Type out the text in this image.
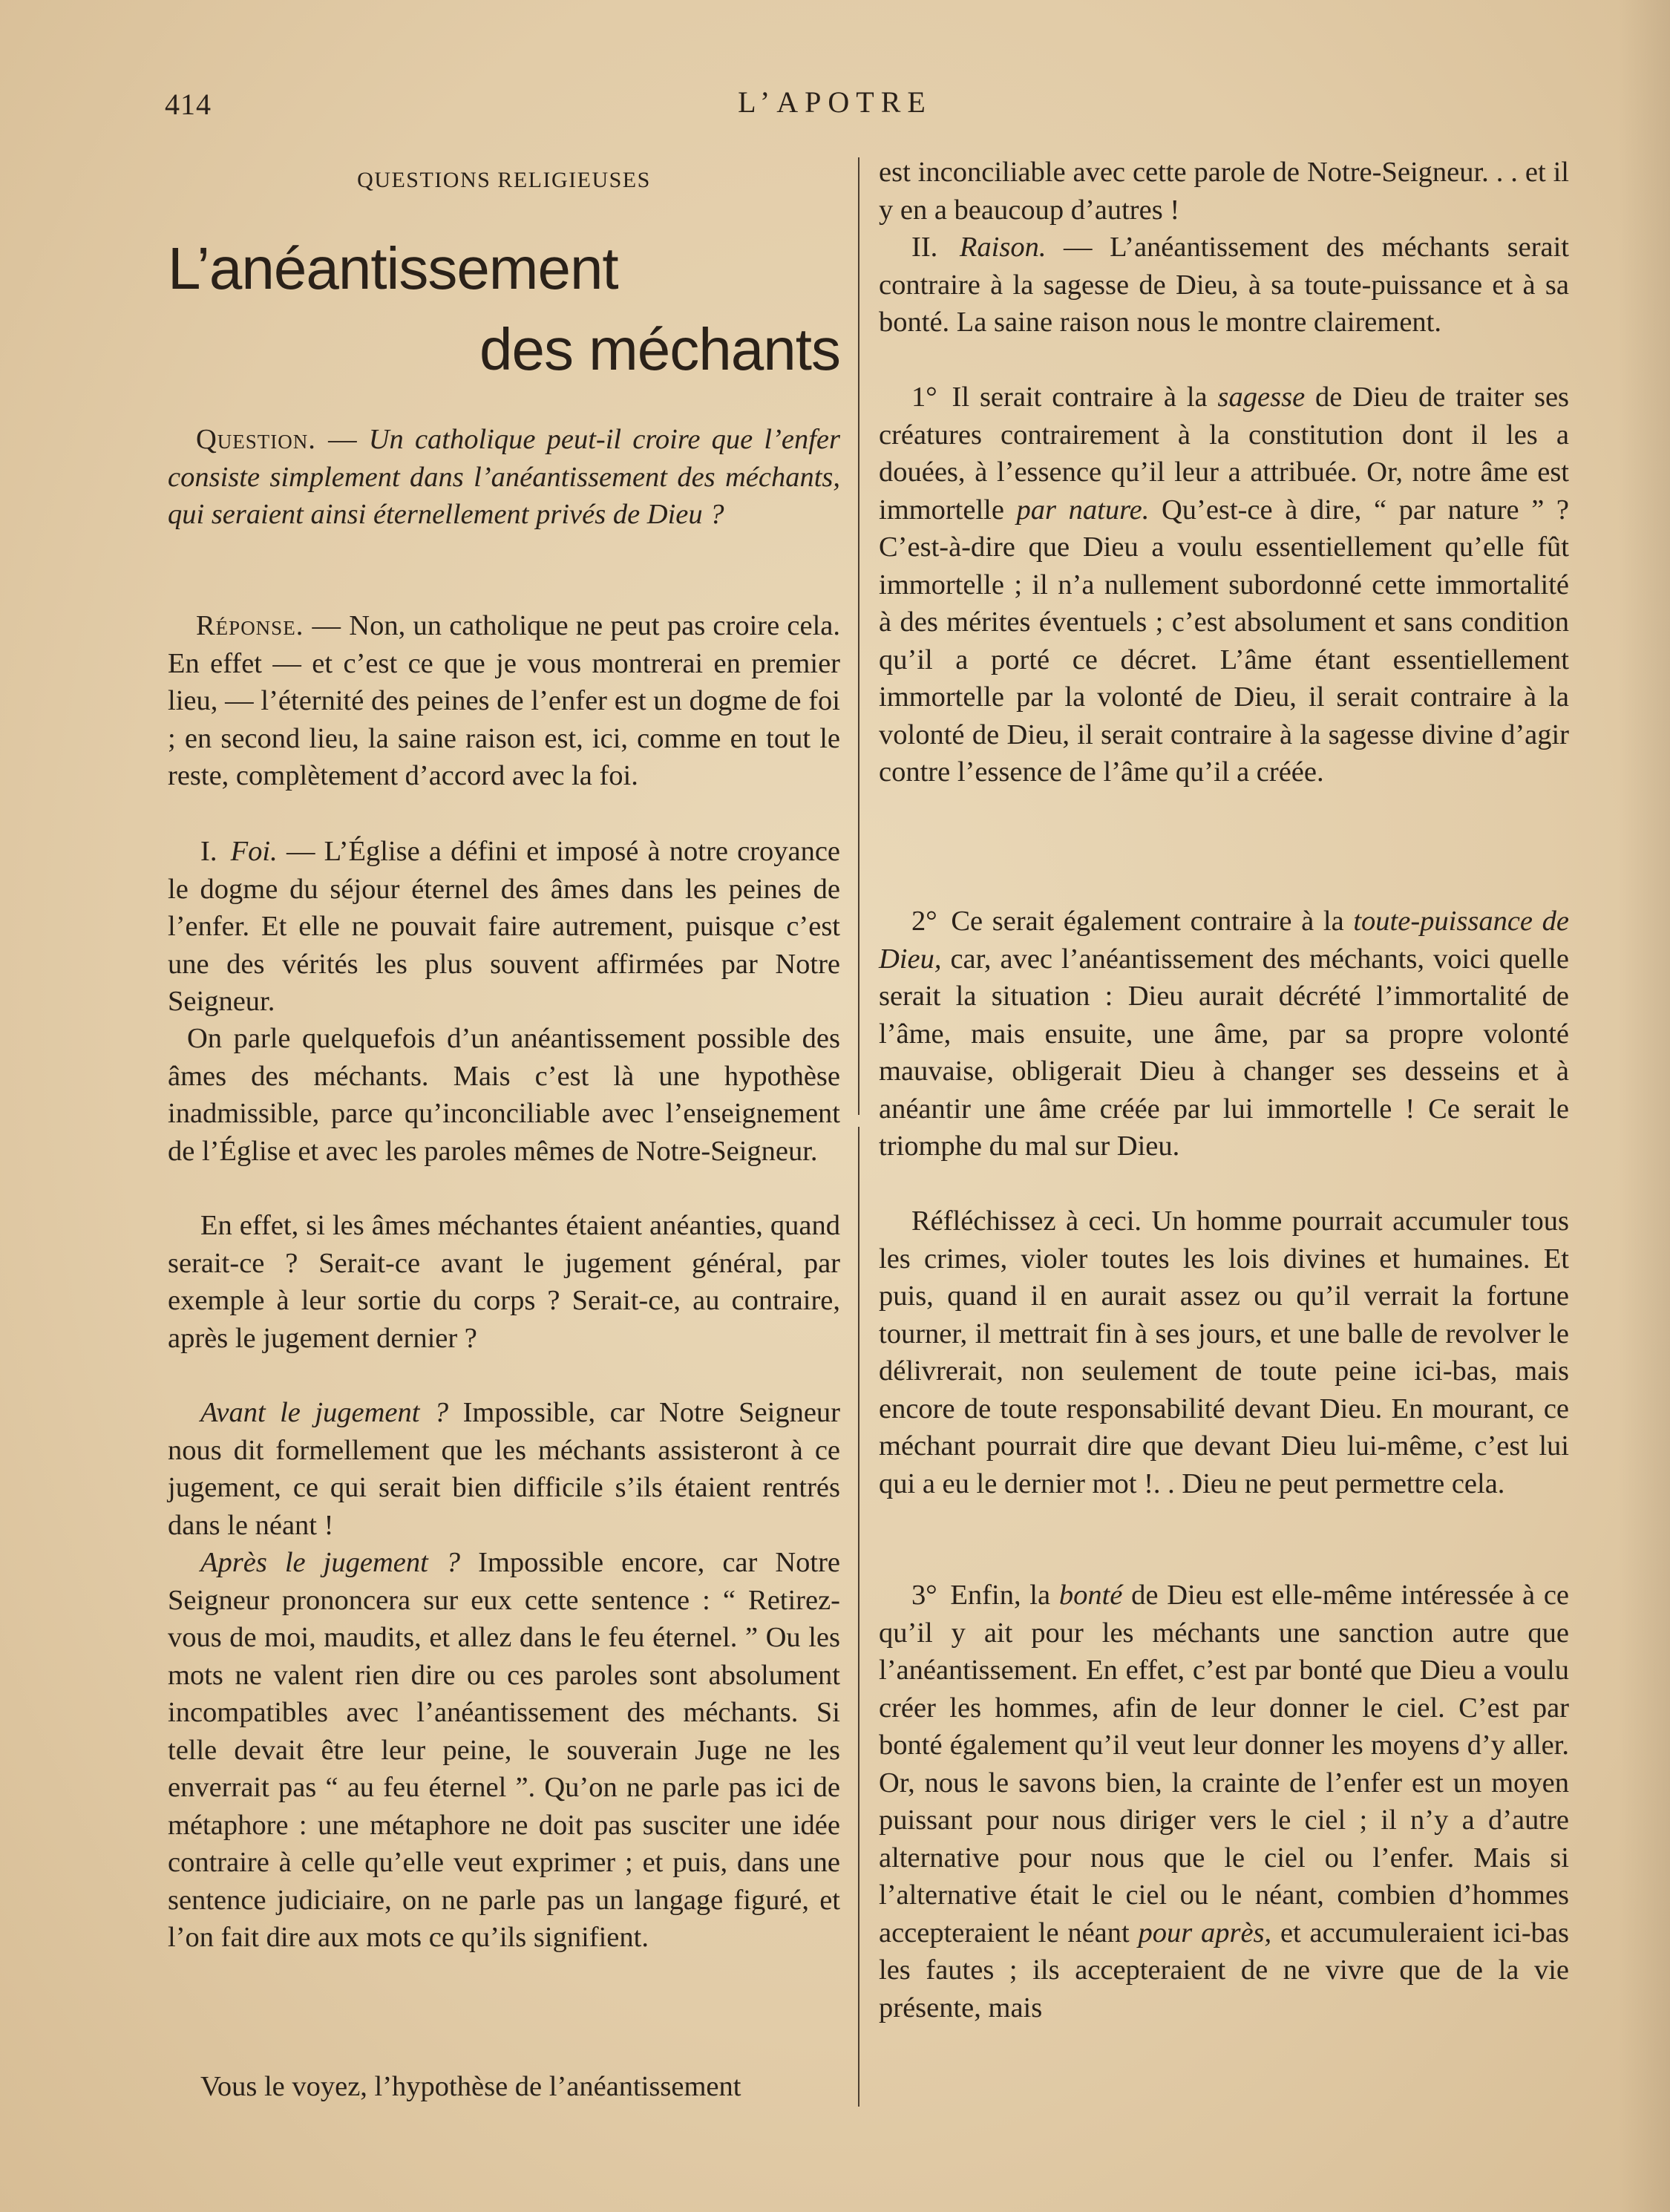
414	L’APOTRE
QUESTIONS RELIGIEUSES
L’anéantissement
des méchants

Question. — Un catholique peut-il croire que l’enfer consiste simplement dans l’anéantissement des méchants, qui seraient ainsi éternellement privés de Dieu ?

Réponse. — Non, un catholique ne peut pas croire cela. En effet — et c’est ce que je vous montrerai en premier lieu, — l’éternité des peines de l’enfer est un dogme de foi ; en second lieu, la saine raison est, ici, comme en tout le reste, complètement d’accord avec la foi.

I. Foi. — L’Église a défini et imposé à notre croyance le dogme du séjour éternel des âmes dans les peines de l’enfer. Et elle ne pouvait faire autrement, puisque c’est une des vérités les plus souvent affirmées par Notre Seigneur.

On parle quelquefois d’un anéantissement possible des âmes des méchants. Mais c’est là une hypothèse inadmissible, parce qu’inconciliable avec l’enseignement de l’Église et avec les paroles mêmes de Notre-Seigneur.

En effet, si les âmes méchantes étaient anéanties, quand serait-ce ? Serait-ce avant le jugement général, par exemple à leur sortie du corps ? Serait-ce, au contraire, après le jugement dernier ?

Avant le jugement ? Impossible, car Notre Seigneur nous dit formellement que les méchants assisteront à ce jugement, ce qui serait bien difficile s’ils étaient rentrés dans le néant !

Après le jugement ? Impossible encore, car Notre Seigneur prononcera sur eux cette sentence : “ Retirez-vous de moi, maudits, et allez dans le feu éternel. ” Ou les mots ne valent rien dire ou ces paroles sont absolument incompatibles avec l’anéantissement des méchants. Si telle devait être leur peine, le souverain Juge ne les enverrait pas “ au feu éternel ”. Qu’on ne parle pas ici de métaphore : une métaphore ne doit pas susciter une idée contraire à celle qu’elle veut exprimer ; et puis, dans une sentence judiciaire, on ne parle pas un langage figuré, et l’on fait dire aux mots ce qu’ils signifient.

Vous le voyez, l’hypothèse de l’anéantissement

est inconciliable avec cette parole de Notre-Seigneur. . . et il y en a beaucoup d’autres !

II. Raison. — L’anéantissement des méchants serait contraire à la sagesse de Dieu, à sa toute-puissance et à sa bonté. La saine raison nous le montre clairement.

1° Il serait contraire à la sagesse de Dieu de traiter ses créatures contrairement à la constitution dont il les a douées, à l’essence qu’il leur a attribuée. Or, notre âme est immortelle par nature. Qu’est-ce à dire, “ par nature ” ? C’est-à-dire que Dieu a voulu essentiellement qu’elle fût immortelle ; il n’a nullement subordonné cette immortalité à des mérites éventuels ; c’est absolument et sans condition qu’il a porté ce décret. L’âme étant essentiellement immortelle par la volonté de Dieu, il serait contraire à la volonté de Dieu, il serait contraire à la sagesse divine d’agir contre l’essence de l’âme qu’il a créée.

2° Ce serait également contraire à la toute-puissance de Dieu, car, avec l’anéantissement des méchants, voici quelle serait la situation : Dieu aurait décrété l’immortalité de l’âme, mais ensuite, une âme, par sa propre volonté mauvaise, obligerait Dieu à changer ses desseins et à anéantir une âme créée par lui immortelle ! Ce serait le triomphe du mal sur Dieu.

Réfléchissez à ceci. Un homme pourrait accumuler tous les crimes, violer toutes les lois divines et humaines. Et puis, quand il en aurait assez ou qu’il verrait la fortune tourner, il mettrait fin à ses jours, et une balle de revolver le délivrerait, non seulement de toute peine ici-bas, mais encore de toute responsabilité devant Dieu. En mourant, ce méchant pourrait dire que devant Dieu lui-même, c’est lui qui a eu le dernier mot !. . Dieu ne peut permettre cela.

3° Enfin, la bonté de Dieu est elle-même intéressée à ce qu’il y ait pour les méchants une sanction autre que l’anéantissement. En effet, c’est par bonté que Dieu a voulu créer les hommes, afin de leur donner le ciel. C’est par bonté également qu’il veut leur donner les moyens d’y aller. Or, nous le savons bien, la crainte de l’enfer est un moyen puissant pour nous diriger vers le ciel ; il n’y a d’autre alternative pour nous que le ciel ou l’enfer. Mais si l’alternative était le ciel ou le néant, combien d’hommes accepteraient le néant pour après, et accumuleraient ici-bas les fautes ; ils accepteraient de ne vivre que de la vie présente, mais
